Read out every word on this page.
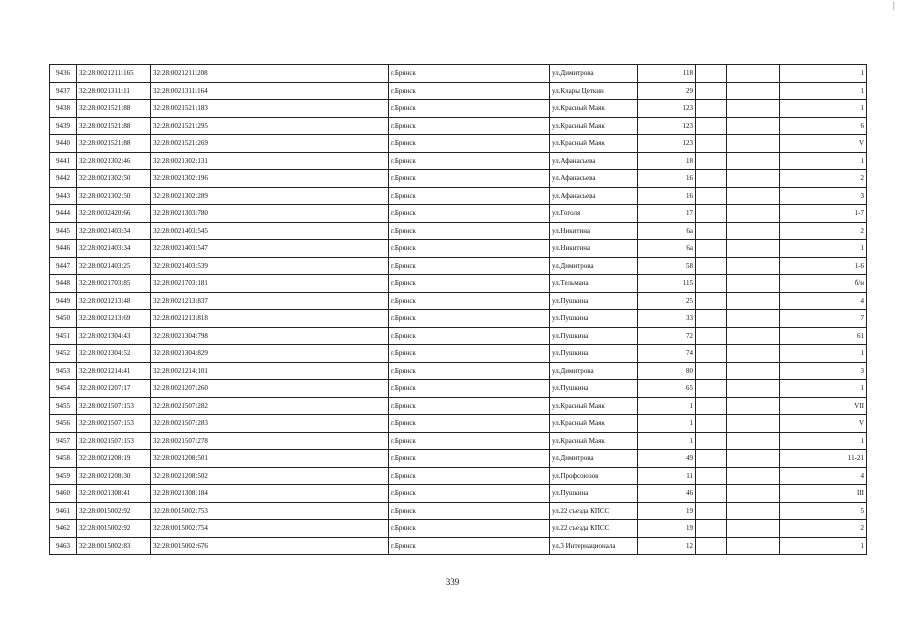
|
9436	32:28:0021211:165	32:28:0021211:208	г.Брянск	ул.Димитрова	118			1
9437	32:28:0021311:11	32:28:0021311:164	г.Брянск	ул.Клары Цеткин	29			1
9438	32:28:0021521:88	32:28:0021521:183	г.Брянск	ул.Красный Маяк	123			1
9439	32:28:0021521:88	32:28:0021521:295	г.Брянск	ул.Красный Маяк	123			6
9440	32:28:0021521:88	32:28:0021521:269	г.Брянск	ул.Красный Маяк	123			V
9441	32:28:0021302:46	32:28:0021302:131	г.Брянск	ул.Афанасьева	18			1
9442	32:28:0021302:50	32:28:0021302:196	г.Брянск	ул.Афанасьева	16			2
9443	32:28:0021302:50	32:28:0021302:289	г.Брянск	ул.Афанасьева	16			3
9444	32:28:0032420:66	32:28:0021303:780	г.Брянск	ул.Гоголя	17			1-7
9445	32:28:0021403:34	32:28:0021403:545	г.Брянск	ул.Никитина	6а			2
9446	32:28:0021403:34	32:28:0021403:547	г.Брянск	ул.Никитина	6а			1
9447	32:28:0021403:25	32:28:0021403:539	г.Брянск	ул.Димитрова	58			1-6
9448	32:28:0021703:85	32:28:0021703:181	г.Брянск	ул.Тельмана	115			б/н
9449	32:28:0021213:48	32:28:0021213:837	г.Брянск	ул.Пушкина	25			4
9450	32:28:0021213:69	32:28:0021213:818	г.Брянск	ул.Пушкина	33			7
9451	32:28:0021304:43	32:28:0021304:798	г.Брянск	ул.Пушкина	72			61
9452	32:28:0021304:52	32:28:0021304:829	г.Брянск	ул.Пушкина	74			1
9453	32:28:0021214:41	32:28:0021214:101	г.Брянск	ул.Димитрова	80			3
9454	32:28:0021207:17	32:28:0021207:260	г.Брянск	ул.Пушкина	65			1
9455	32:28:0021507:153	32:28:0021507:282	г.Брянск	ул.Красный Маяк	1			VII
9456	32:28:0021507:153	32:28:0021507:283	г.Брянск	ул.Красный Маяк	1			V
9457	32:28:0021507:153	32:28:0021507:278	г.Брянск	ул.Красный Маяк	1			1
9458	32:28:0021208:19	32:28:0021208:501	г.Брянск	ул.Димитрова	49			11-21
9459	32:28:0021208:30	32:28:0021208:502	г.Брянск	ул.Профсоюзов	11			4
9460	32:28:0021308:41	32:28:0021308:184	г.Брянск	ул.Пушкина	46			III
9461	32:28:0015002:92	32:28:0015002:753	г.Брянск	ул.22 съезда КПСС	19			5
9462	32:28:0015002:92	32:28:0015002:754	г.Брянск	ул.22 съезда КПСС	19			2
9463	32:28:0015002:83	32:28:0015002:676	г.Брянск	ул.3 Интернационала	12			1
339
